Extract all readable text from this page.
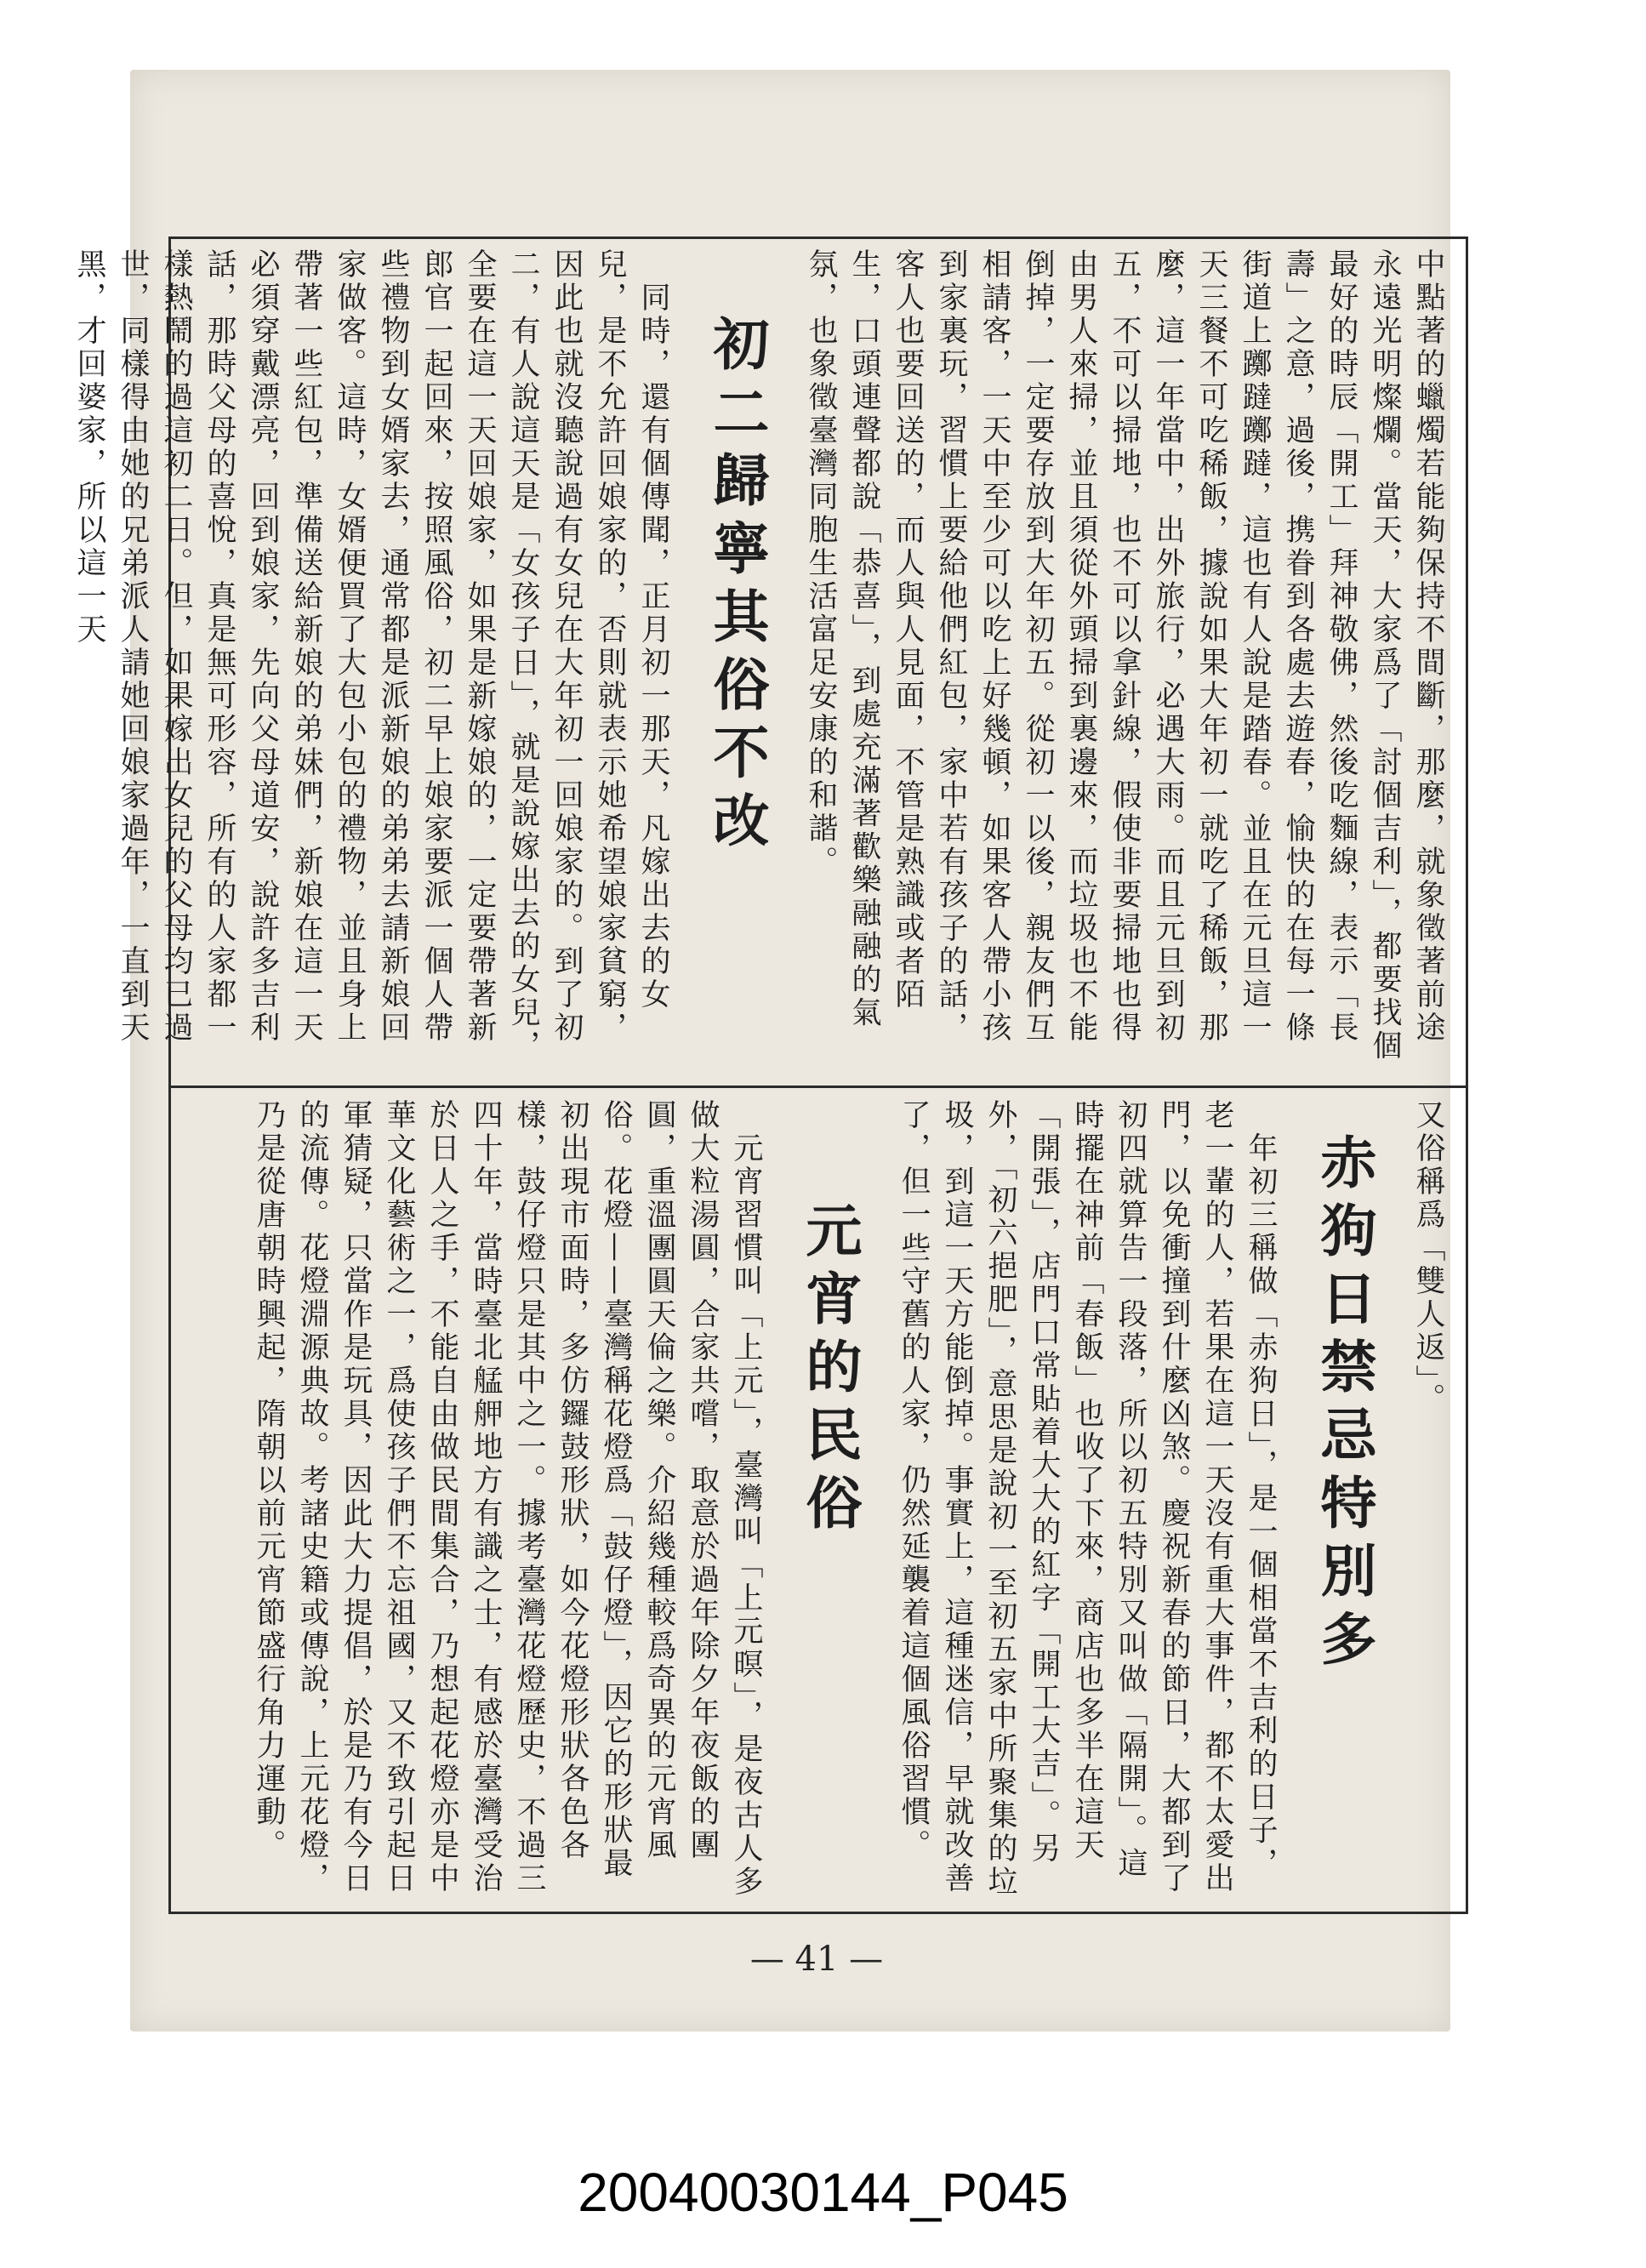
中點著的蠟燭若能夠保持不間斷，那麼，就象徵著前途永遠光明燦爛。當天，大家爲了「討個吉利」，都要找個最好的時辰「開工」拜神敬佛，然後吃麵線，表示「長壽」之意，過後，携眷到各處去遊春，愉快的在每一條街道上躑躂躑躂，這也有人說是踏春。並且在元旦這一天三餐不可吃稀飯，據說如果大年初一就吃了稀飯，那麼，這一年當中，出外旅行，必遇大雨。而且元旦到初五，不可以掃地，也不可以拿針線，假使非要掃地也得由男人來掃，並且須從外頭掃到裏邊來，而垃圾也不能倒掉，一定要存放到大年初五。從初一以後，親友們互相請客，一天中至少可以吃上好幾頓，如果客人帶小孩到家裏玩，習慣上要給他們紅包，家中若有孩子的話，客人也要回送的，而人與人見面，不管是熟識或者陌生，口頭連聲都說「恭喜」，到處充滿著歡樂融融的氣氛，也象徵臺灣同胞生活富足安康的和諧。

初二歸寧其俗不改

　同時，還有個傳聞，正月初一那天，凡嫁出去的女兒，是不允許回娘家的，否則就表示她希望娘家貧窮，因此也就沒聽說過有女兒在大年初一回娘家的。到了初二，有人說這天是「女孩子日」，就是說嫁出去的女兒，全要在這一天回娘家，如果是新嫁娘的，一定要帶著新郎官一起回來，按照風俗，初二早上娘家要派一個人帶些禮物到女婿家去，通常都是派新娘的弟弟去請新娘回家做客。這時，女婿便買了大包小包的禮物，並且身上帶著一些紅包，準備送給新娘的弟妹們，新娘在這一天必須穿戴漂亮，回到娘家，先向父母道安，說許多吉利話，那時父母的喜悅，真是無可形容，所有的人家都一樣熱鬧的過這初二日。但，如果嫁出女兒的父母均已過世，同樣得由她的兄弟派人請她回娘家過年，一直到天黑，才回婆家，所以這一天

又俗稱爲「雙人返」。

赤狗日禁忌特別多

　年初三稱做「赤狗日」，是一個相當不吉利的日子，老一輩的人，若果在這一天沒有重大事件，都不太愛出門，以免衝撞到什麼凶煞。慶祝新春的節日，大都到了初四就算告一段落，所以初五特別又叫做「隔開」。這時擺在神前「春飯」也收了下來，商店也多半在這天「開張」，店門口常貼着大大的紅字「開工大吉」。另外，「初六挹肥」，意思是說初一至初五家中所聚集的垃圾，到這一天方能倒掉。事實上，這種迷信，早就改善了，但一些守舊的人家，仍然延襲着這個風俗習慣。

元宵的民俗

　元宵習慣叫「上元」，臺灣叫「上元暝」，是夜古人多做大粒湯圓，合家共嚐，取意於過年除夕年夜飯的團圓，重溫團圓天倫之樂。介紹幾種較爲奇異的元宵風俗。花燈——臺灣稱花燈爲「鼓仔燈」，因它的形狀最初出現市面時，多仿鑼鼓形狀，如今花燈形狀各色各樣，鼓仔燈只是其中之一。據考臺灣花燈歷史，不過三四十年，當時臺北艋舺地方有識之士，有感於臺灣受治於日人之手，不能自由做民間集合，乃想起花燈亦是中華文化藝術之一，爲使孩子們不忘祖國，又不致引起日軍猜疑，只當作是玩具，因此大力提倡，於是乃有今日的流傳。花燈淵源典故。考諸史籍或傳說，上元花燈，乃是從唐朝時興起，隋朝以前元宵節盛行角力運動。

— 41 —
20040030144_P045
